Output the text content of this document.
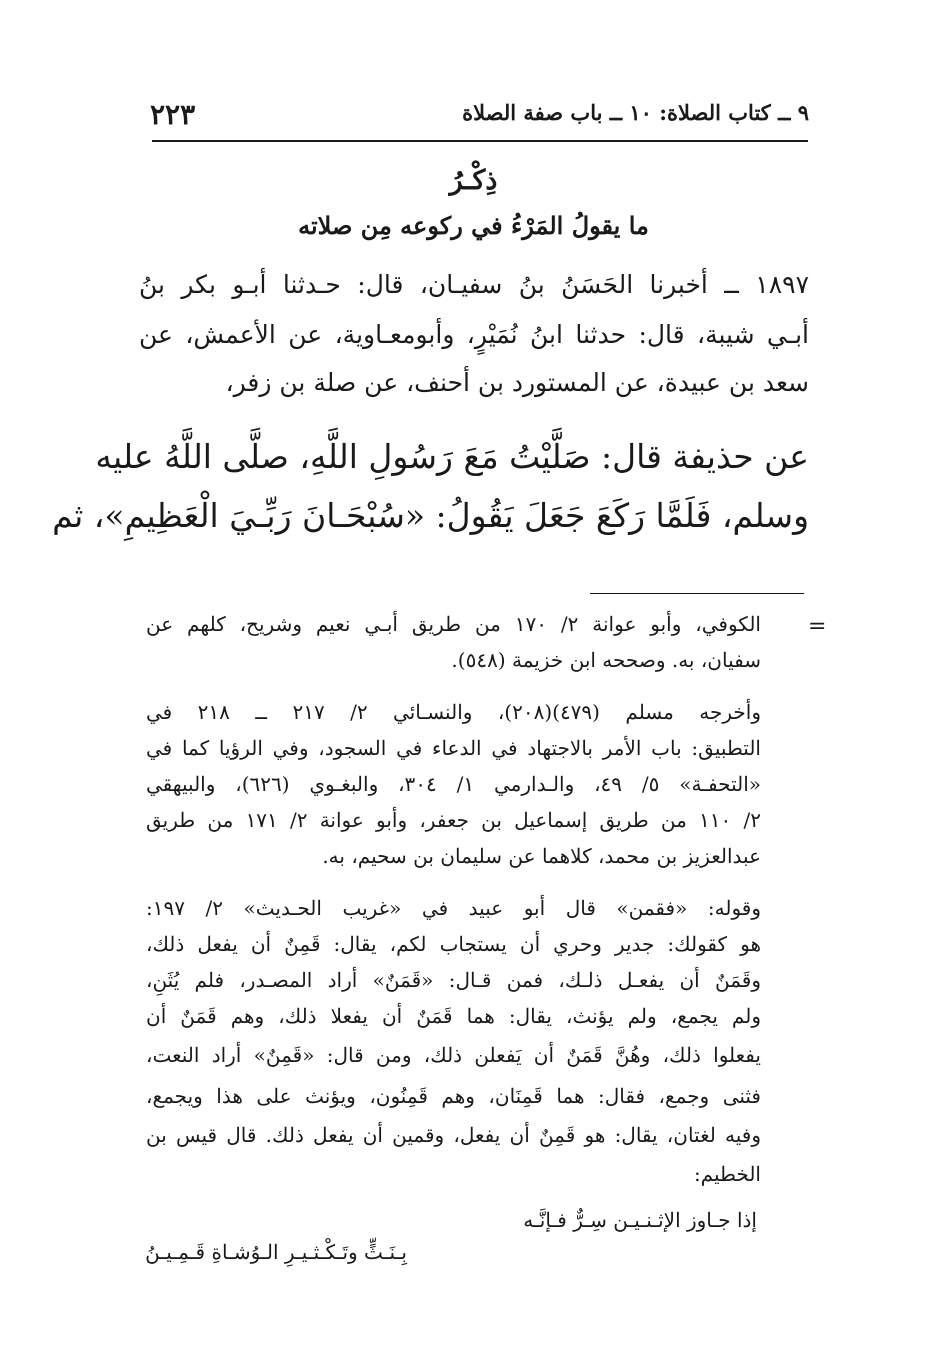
٢٢٣	٩ ــ كتاب الصلاة: ١٠ ــ باب صفة الصلاة
ذِكْـرُ
ما يقولُ المَرْءُ في ركوعه مِن صلاته
١٨٩٧ ــ أخبرنا الحَسَنُ بنُ سفيـان، قال: حـدثنا أبـو بكر بنُ
أبـي شيبة، قال: حدثنا ابنُ نُمَيْرٍ، وأبومعـاوية، عن الأعمش، عن
سعد بن عبيدة، عن المستورد بن أحنف، عن صلة بن زفر،
عن حذيفة قال: صَلَّيْتُ مَعَ رَسُولِ اللَّهِ، صلَّى اللَّهُ عليه
وسلم، فَلَمَّا رَكَعَ جَعَلَ يَقُولُ: «سُبْحَـانَ رَبِّـيَ الْعَظِيمِ»، ثم
=
الكوفي، وأبو عوانة ٢/ ١٧٠ من طريق أبـي نعيم وشريح، كلهم عن
سفيان، به. وصححه ابن خزيمة (٥٤٨).
وأخرجه مسلم (٤٧٩)(٢٠٨)، والنسـائي ٢/ ٢١٧ ــ ٢١٨ في
التطبيق: باب الأمر بالاجتهاد في الدعاء في السجود، وفي الرؤيا كما في
«التحفـة» ٥/ ٤٩، والـدارمي ١/ ٣٠٤، والبغـوي (٦٢٦)، والبيهقي
٢/ ١١٠ من طريق إسماعيل بن جعفر، وأبو عوانة ٢/ ١٧١ من طريق
عبدالعزيز بن محمد، كلاهما عن سليمان بن سحيم، به.
وقوله: «فقمن» قال أبو عبيد في «غريب الحـديث» ٢/ ١٩٧:
هو كقولك: جدير وحري أن يستجاب لكم، يقال: قَمِنٌ أن يفعل ذلك،
وقَمَنٌ أن يفعـل ذلـك، فمن قـال: «قَمَنٌ» أراد المصـدر، فلم يُثَنِ،
ولم يجمع، ولم يؤنث، يقال: هما قَمَنٌ أن يفعلا ذلك، وهم قَمَنٌ أن
يفعلوا ذلك، وهُنَّ قَمَنٌ أن يَفعلن ذلك، ومن قال: «قَمِنٌ» أراد النعت،
فثنى وجمع، فقال: هما قَمِنَان، وهم قَمِنُون، ويؤنث على هذا ويجمع،
وفيه لغتان، يقال: هو قَمِنٌ أن يفعل، وقمين أن يفعل ذلك. قال قيس بن
الخطيم:
إذا جـاوز الإثـنـيـن سِـرٌّ فـإنَّـه
بِـنَـثٍّ وتَـكْـثـيـرِ الـوُشـاةِ قَـمِـيـنُ
